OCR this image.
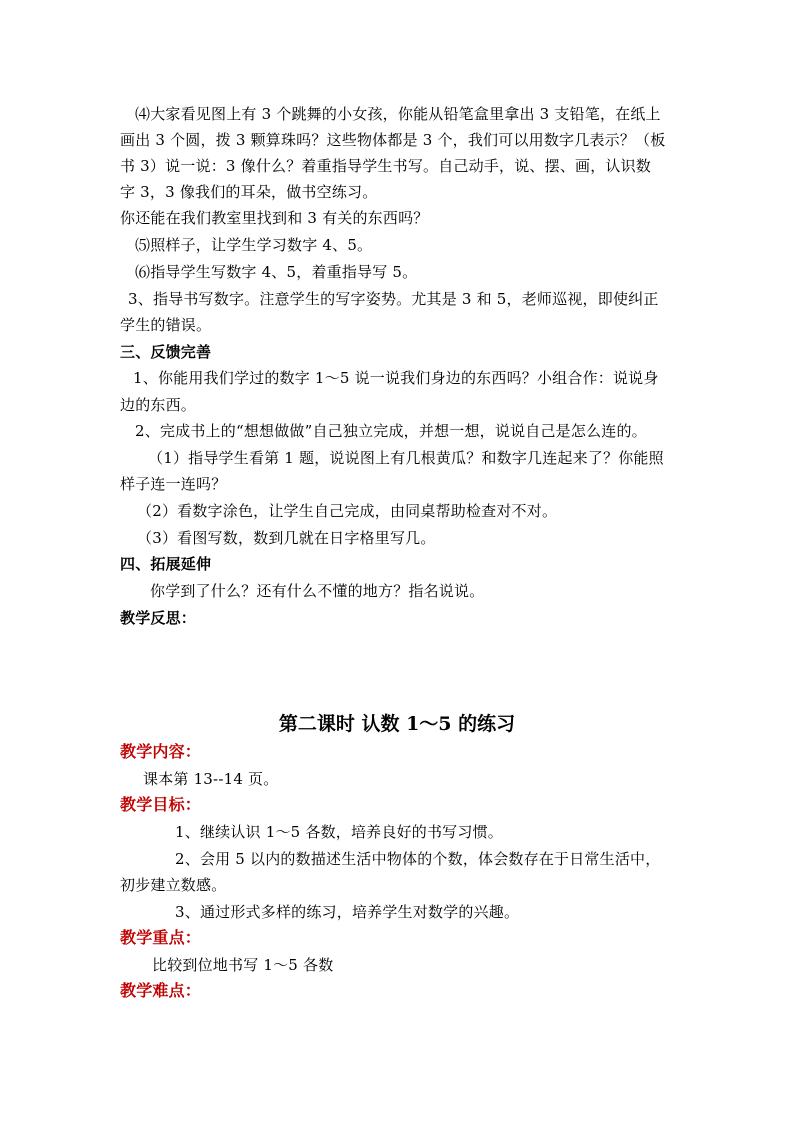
⑷大家看见图上有 3 个跳舞的小女孩，你能从铅笔盒里拿出 3 支铅笔，在纸上
画出 3 个圆，拨 3 颗算珠吗？这些物体都是 3 个，我们可以用数字几表示？（板
书 3）说一说：3 像什么？着重指导学生书写。自己动手，说、摆、画，认识数
字 3，3 像我们的耳朵，做书空练习。
你还能在我们教室里找到和 3 有关的东西吗？
⑸照样子，让学生学习数字 4、5。
⑹指导学生写数字 4、5，着重指导写 5。
3、指导书写数字。注意学生的写字姿势。尤其是 3 和 5，老师巡视，即使纠正
学生的错误。
三、反馈完善
1、你能用我们学过的数字 1～5 说一说我们身边的东西吗？小组合作：说说身
边的东西。
2、完成书上的“想想做做”自己独立完成，并想一想，说说自己是怎么连的。
（1）指导学生看第 1 题，说说图上有几根黄瓜？和数字几连起来了？你能照
样子连一连吗？
（2）看数字涂色，让学生自己完成，由同桌帮助检查对不对。
（3）看图写数，数到几就在日字格里写几。
四、拓展延伸
你学到了什么？还有什么不懂的地方？指名说说。
教学反思：
第二课时 认数 1～5 的练习
教学内容：
课本第 13--14 页。
教学目标：
1、继续认识 1～5 各数，培养良好的书写习惯。
2、会用 5 以内的数描述生活中物体的个数，体会数存在于日常生活中，
初步建立数感。
3、通过形式多样的练习，培养学生对数学的兴趣。
教学重点：
比较到位地书写 1～5 各数
教学难点：
